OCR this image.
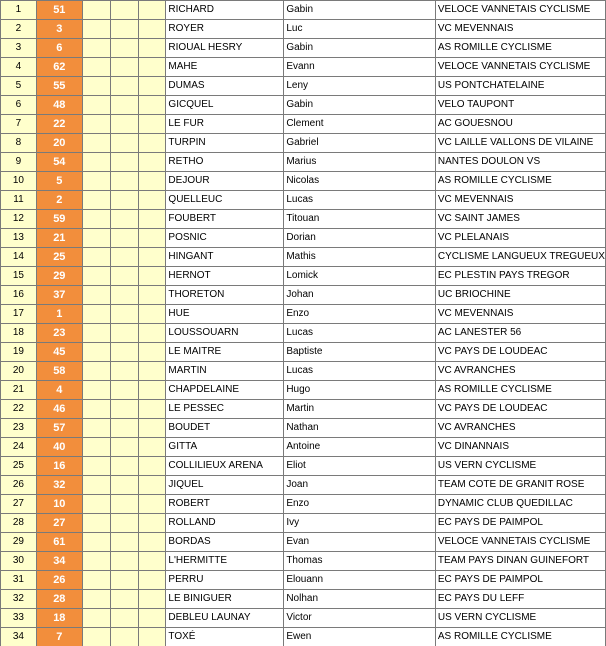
1	51				RICHARD	Gabin	VELOCE VANNETAIS CYCLISME
2	3				ROYER	Luc	VC MEVENNAIS
3	6				RIOUAL HESRY	Gabin	AS ROMILLE CYCLISME
4	62				MAHE	Evann	VELOCE VANNETAIS CYCLISME
5	55				DUMAS	Leny	US PONTCHATELAINE
6	48				GICQUEL	Gabin	VELO TAUPONT
7	22				LE FUR	Clement	AC GOUESNOU
8	20				TURPIN	Gabriel	VC LAILLE VALLONS DE VILAINE
9	54				RETHO	Marius	NANTES DOULON VS
10	5				DEJOUR	Nicolas	AS ROMILLE CYCLISME
11	2				QUELLEUC	Lucas	VC MEVENNAIS
12	59				FOUBERT	Titouan	VC SAINT JAMES
13	21				POSNIC	Dorian	VC PLELANAIS
14	25				HINGANT	Mathis	CYCLISME LANGUEUX TREGUEUX
15	29				HERNOT	Lomick	EC PLESTIN PAYS TREGOR
16	37				THORETON	Johan	UC BRIOCHINE
17	1				HUE	Enzo	VC MEVENNAIS
18	23				LOUSSOUARN	Lucas	AC LANESTER 56
19	45				LE MAITRE	Baptiste	VC PAYS DE LOUDEAC
20	58				MARTIN	Lucas	VC AVRANCHES
21	4				CHAPDELAINE	Hugo	AS ROMILLE CYCLISME
22	46				LE PESSEC	Martin	VC PAYS DE LOUDEAC
23	57				BOUDET	Nathan	VC AVRANCHES
24	40				GITTA	Antoine	VC DINANNAIS
25	16				COLLILIEUX ARENA	Eliot	US VERN CYCLISME
26	32				JIQUEL	Joan	TEAM COTE DE GRANIT ROSE
27	10				ROBERT	Enzo	DYNAMIC CLUB QUEDILLAC
28	27				ROLLAND	Ivy	EC PAYS DE PAIMPOL
29	61				BORDAS	Evan	VELOCE VANNETAIS CYCLISME
30	34				L'HERMITTE	Thomas	TEAM PAYS DINAN GUINEFORT
31	26				PERRU	Elouann	EC PAYS DE PAIMPOL
32	28				LE BINIGUER	Nolhan	EC PAYS DU LEFF
33	18				DEBLEU LAUNAY	Victor	US VERN CYCLISME
34	7				TOXÉ	Ewen	AS ROMILLE CYCLISME
